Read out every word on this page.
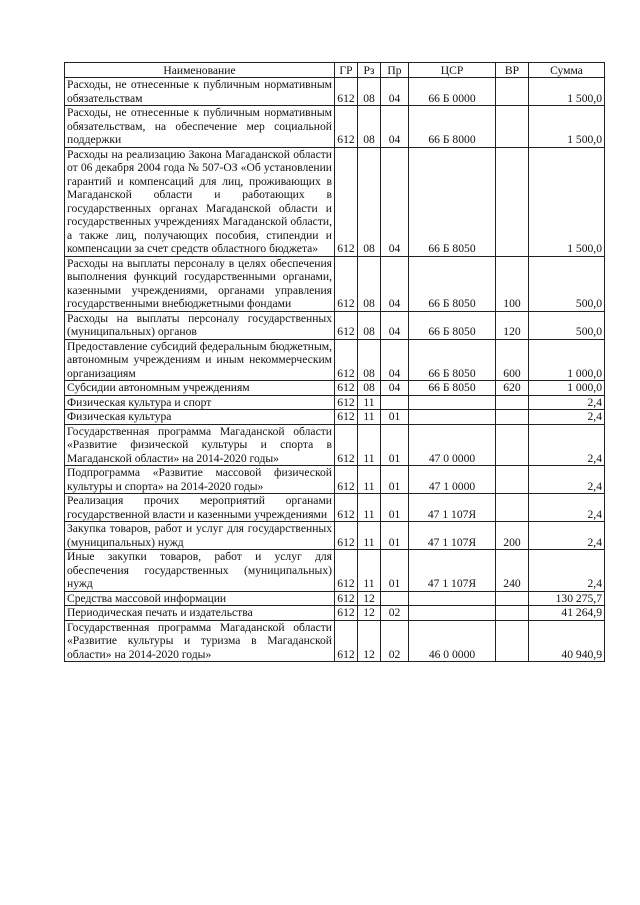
Наименование	ГР	Рз	Пр	ЦСР	ВР	Сумма
Расходы, не отнесенные к публичным нормативным обязательствам	612	08	04	66 Б 0000		1 500,0
Расходы, не отнесенные к публичным нормативным обязательствам, на обеспечение мер социальной поддержки	612	08	04	66 Б 8000		1 500,0
Расходы на реализацию Закона Магаданской области от 06 декабря 2004 года № 507-ОЗ «Об установлении гарантий и компенсаций для лиц, проживающих в Магаданской области и работающих в государственных органах Магаданской области и государственных учреждениях Магаданской области, а также лиц, получающих пособия, стипендии и компенсации за счет средств областного бюджета»	612	08	04	66 Б 8050		1 500,0
Расходы на выплаты персоналу в целях обеспечения выполнения функций государственными органами, казенными учреждениями, органами управления государственными внебюджетными фондами	612	08	04	66 Б 8050	100	500,0
Расходы на выплаты персоналу государственных (муниципальных) органов	612	08	04	66 Б 8050	120	500,0
Предоставление субсидий федеральным бюджетным, автономным учреждениям и иным некоммерческим организациям	612	08	04	66 Б 8050	600	1 000,0
Субсидии автономным учреждениям	612	08	04	66 Б 8050	620	1 000,0
Физическая культура и спорт	612	11				2,4
Физическая культура	612	11	01			2,4
Государственная программа Магаданской области «Развитие физической культуры и спорта в Магаданской области» на 2014-2020 годы»	612	11	01	47 0 0000		2,4
Подпрограмма «Развитие массовой физической культуры и спорта» на 2014-2020 годы»	612	11	01	47 1 0000		2,4
Реализация прочих мероприятий органами государственной власти и казенными учреждениями	612	11	01	47 1 107Я		2,4
Закупка товаров, работ и услуг для государственных (муниципальных) нужд	612	11	01	47 1 107Я	200	2,4
Иные закупки товаров, работ и услуг для обеспечения государственных (муниципальных) нужд	612	11	01	47 1 107Я	240	2,4
Средства массовой информации	612	12				130 275,7
Периодическая печать и издательства	612	12	02			41 264,9
Государственная программа Магаданской области «Развитие культуры и туризма в Магаданской области» на 2014-2020 годы»	612	12	02	46 0 0000		40 940,9
